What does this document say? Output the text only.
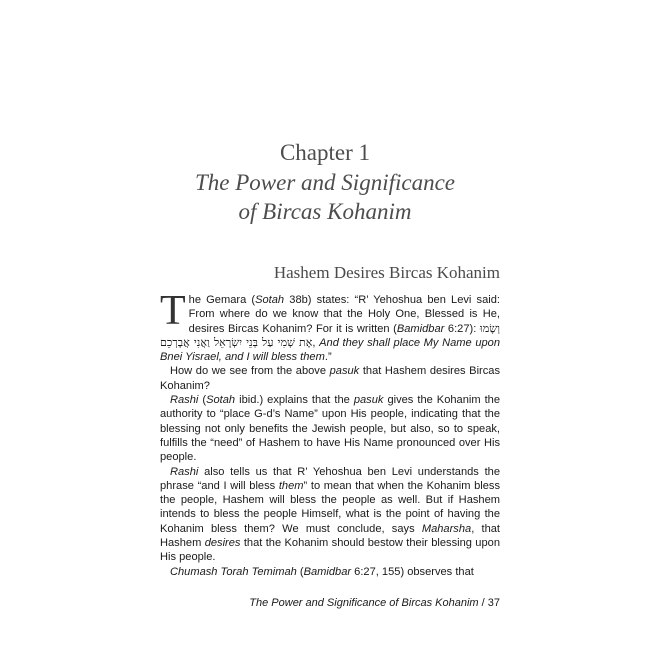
Chapter 1
The Power and Significance
of Bircas Kohanim
Hashem Desires Bircas Kohanim

The Gemara (Sotah 38b) states: “R’ Yehoshua ben Levi said: From where do we know that the Holy One, Blessed is He, desires Bircas Kohanim? For it is written (Bamidbar 6:27): וְשָׂמוּ אֶת שְׁמִי עַל בְּנֵי יִשְׂרָאֵל וַאֲנִי אֲבָרְכֵם, And they shall place My Name upon Bnei Yisrael, and I will bless them.”

How do we see from the above pasuk that Hashem desires Bircas Kohanim?

Rashi (Sotah ibid.) explains that the pasuk gives the Kohanim the authority to “place G-d’s Name” upon His people, indicating that the blessing not only benefits the Jewish people, but also, so to speak, fulfills the “need” of Hashem to have His Name pronounced over His people.

Rashi also tells us that R’ Yehoshua ben Levi understands the phrase “and I will bless them” to mean that when the Kohanim bless the people, Hashem will bless the people as well. But if Hashem intends to bless the people Himself, what is the point of having the Kohanim bless them? We must conclude, says Maharsha, that Hashem desires that the Kohanim should bestow their blessing upon His people.

Chumash Torah Temimah (Bamidbar 6:27, 155) observes that

The Power and Significance of Bircas Kohanim / 37
